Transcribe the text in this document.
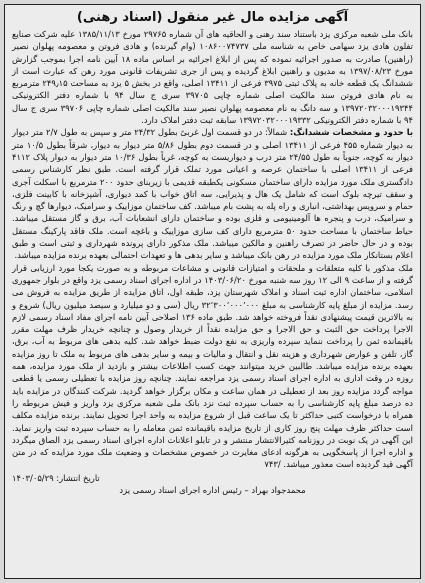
آگهی مزایده مال غیر منقول (اسناد رهنی)

بانک ملی شعبه مرکزی یزد باستناد سند رهنی و الحاقیه های آن شماره ۲۹۷۶۵ مورخ ۱۳۸۵/۱۱/۱۳ علیه شرکت صنایع تفلون هادی یزد سهامی خاص به شناسه ملی ۱۰۸۶۰۰۷۴۷۳۷ (وام گیرنده) و هادی فروتن و معصومه پهلوان نصیر (راهنین) صادرت به صدور اجرائیه نموده که پس از ابلاغ اجرائیه بر اساس ماده ۱۸ آیین نامه اجرا بموجب گزارش مورخ ۱۳۹۷/۰۸/۲۳ به مدیون و راهنین ابلاغ گردیده و پس از جری تشریفات قانونی مورد رهن که عبارت است از ششدانگ یک قطعه خانه به پلاک ثبتی ۳۹۷۵ فرعی از ۱۳۴۱۱ اصلی، واقع در بخش ۵ یزد به مساحت ۲۴۹٫۱۵ مترمربع به نام هادی فروتن سند مالکیت اصلی شماره چاپی ۳۹۷۰۵ سری ج سال ۹۴ با شماره دفتر الکترونیکی ۱۳۹۷۲۰۳۲۰۰۰۱۹۳۴۴ و سه دانگ به نام معصومه پهلوان نصیر سند مالکیت اصلی شماره چاپی ۳۹۷۰۶ سری ج سال ۹۴ با شماره دفتر الکترونیکی ۱۳۹۷۲۰۳۲۰۰۰۱۹۳۳۲ سابقه ثبت دفتر املاک دارد.

با حدود و مشخصات ششدانگ: شمالاً: در دو قسمت اول غربیً بطول ۲۴/۳۲ متر و سپس به طول ۲/۷ متر دیوار به دیوار شماره ۴۵۵ فرعی از ۱۳۴۱۱ اصلی و در قسمت دوم بطول ۵/۸۶ متر دیوار به دیوار، شرقاً بطول ۱۰/۵ متر دیوار به کوچه، جنوباً به طول ۲۴/۵۵ متر درب و دیواریست به کوچه، غرباً بطول ۱۰/۳۶ متر دیوار به دیوار پلاک ۴۱۱۲ فرعی از ۱۳۴۱۱ اصلی با ساختمان عرصه و اعیانی مورد تملک قرار گرفته است. طبق نظر کارشناس رسمی دادگستری ملک مورد مزایده دارای ساختمان مسکونی یکطبقه قدیمی با زیربنای حدود ۲۰۰ مترمربع با اسکلت آجری و سقف تیرچه بلوک است که شامل یک هال و پذیرایی، سه اتاق خواب با کمد دیواری، آشپزخانه با کابینت فلزی، حمام و سرویس بهداشتی، انباری و راه پله به پشت بام میباشد. کف ساختمان موزاییک و سرامیک، دیوارها گچ و رنگ و سرامیک، درب و پنجره ها آلومینیومی و فلزی بوده و ساختمان دارای انشعابات آب، برق و گاز مستقل میباشد. حیاط ساختمان با مساحت حدود ۵۰ مترمربع دارای کف سازی موزاییک و باغچه است. ملک فاقد پارکینگ مستقل بوده و در حال حاضر در تصرف راهنین و مالکین میباشد. ملک مذکور دارای پرونده شهرداری و ثبتی است و طبق اعلام بستانکار ملک مورد مزایده در رهن بانک میباشد و سایر بدهی ها و تعهدات احتمالی بعهده برنده مزایده میباشد.

ملک مذکور با کلیه متعلقات و ملحقات و امتیازات قانونی و مشاعات مربوطه و به صورت یکجا مورد ارزیابی قرار گرفته و از ساعت ۹ الی ۱۲ روز سه شنبه مورخ ۱۴۰۳/۰۶/۲۰ در اداره اجرای اسناد رسمی یزد واقع در بلوار جمهوری اسلامی، ساختمان اداره ثبت اسناد و املاک شهرستان یزد، طبقه اول، اتاق مزایده از طریق مزایده به فروش می رسد. مزایده از مبلغ پایه کارشناسی به مبلغ ۳۲٬۳۰۰٬۰۰۰٬۰۰۰ ریال (سی و دو میلیارد و سیصد میلیون ریال) شروع و به بالاترین قیمت پیشنهادی نقداً فروخته خواهد شد. طبق ماده ۱۳۶ اصلاحی آیین نامه اجرای مفاد اسناد رسمی لازم الاجرا پرداخت حق الثبت و حق الاجرا و حق مزایده نقداً از خریدار وصول و چنانچه خریدار ظرف مهلت مقرر باقیمانده ثمن را پرداخت ننماید سپرده واریزی به نفع دولت ضبط خواهد شد. کلیه بدهی های مربوط به آب، برق، گاز، تلفن و عوارض شهرداری و هزینه نقل و انتقال و مالیات و بیمه و سایر بدهی های مربوط به ملک تا روز مزایده بعهده برنده مزایده میباشد. طالبین خرید میتوانند جهت کسب اطلاعات بیشتر و بازدید از ملک مورد مزایده، همه روزه در وقت اداری به اداره اجرای اسناد رسمی یزد مراجعه نمایند. چنانچه روز مزایده با تعطیلی رسمی یا قطعی مواجه گردد مزایده روز بعد از تعطیلی در همان ساعت و مکان برگزار خواهد گردید. شرکت کنندگان در مزایده باید ده درصد مبلغ پایه کارشناسی را به حساب سپرده ثبت نزد بانک ملی شعبه مرکزی یزد واریز و فیش مربوطه را همراه با درخواست کتبی حداکثر تا یک ساعت قبل از شروع مزایده به واحد اجرا تحویل نمایند. برنده مزایده مکلف است حداکثر ظرف مهلت پنج روز کاری از تاریخ مزایده باقیمانده ثمن معامله را به حساب سپرده ثبت واریز نماید. این آگهی در یک نوبت در روزنامه کثیرالانتشار منتشر و در تابلو اعلانات اداره اجرای اسناد رسمی یزد الصاق میگردد و اداره اجرا از پاسخگویی به هرگونه ادعای مغایرت در خصوص مشخصات و وضعیت ملک مورد مزایده که در متن آگهی قید گردیده است معذور میباشد. /۷۴۳

تاریخ انتشار: ۱۴۰۳/۰۵/۲۹
محمدجواد بهراد – رئیس اداره اجرای اسناد رسمی یزد
